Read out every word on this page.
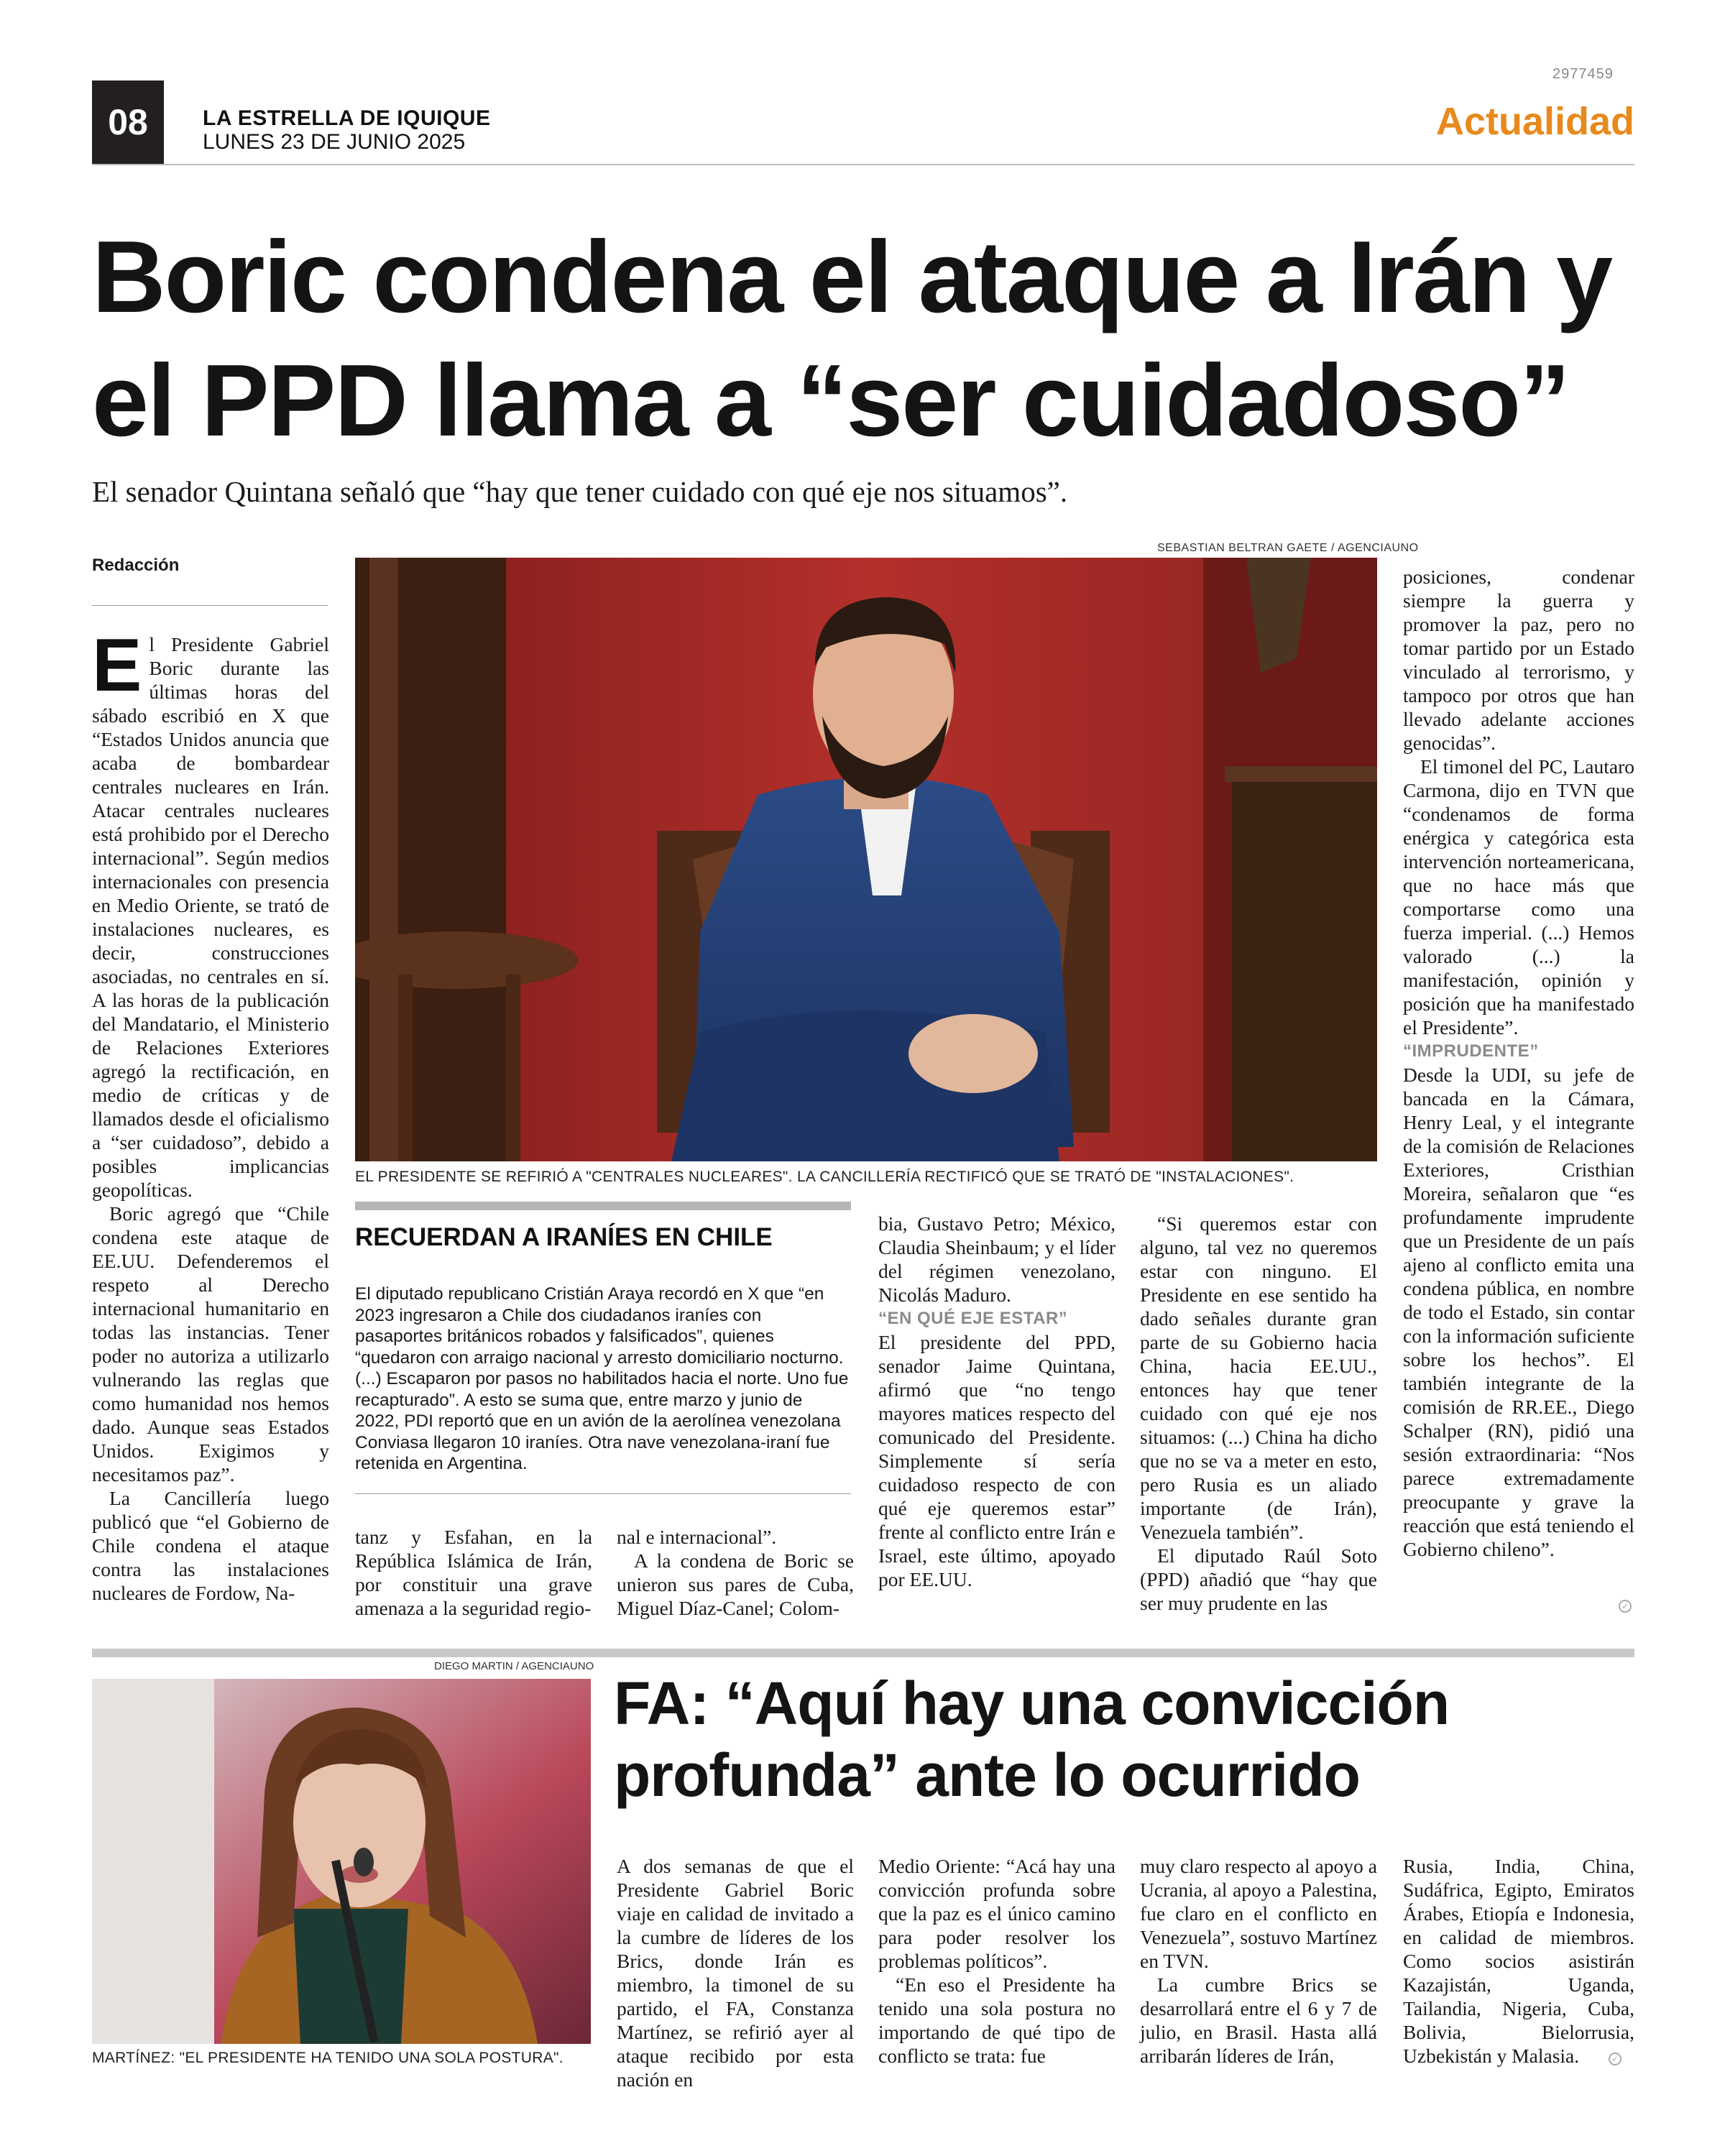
2977459
08	LA ESTRELLA DE IQUIQUE
LUNES 23 DE JUNIO 2025	Actualidad
Boric condena el ataque a Irán y
el PPD llama a “ser cuidadoso”

El senador Quintana señaló que “hay que tener cuidado con qué eje nos situamos”.

Redacción

El Presidente Gabriel Boric durante las últimas horas del sábado escribió en X que “Estados Unidos anuncia que acaba de bombardear centrales nucleares en Irán. Atacar centrales nucleares está prohibido por el Derecho internacional”. Según medios internacionales con presencia en Medio Oriente, se trató de instalaciones nucleares, es decir, construcciones asociadas, no centrales en sí. A las horas de la publicación del Mandatario, el Ministerio de Relaciones Exteriores agregó la rectificación, en medio de críticas y de llamados desde el oficialismo a “ser cuidadoso”, debido a posibles implicancias geopolíticas.

Boric agregó que “Chile condena este ataque de EE.UU. Defenderemos el respeto al Derecho internacional humanitario en todas las instancias. Tener poder no autoriza a utilizarlo vulnerando las reglas que como humanidad nos hemos dado. Aunque seas Estados Unidos. Exigimos y necesitamos paz”.

La Cancillería luego publicó que “el Gobierno de Chile condena el ataque contra las instalaciones nucleares de Fordow, Na-

SEBASTIAN BELTRAN GAETE / AGENCIAUNO
EL PRESIDENTE SE REFIRIÓ A "CENTRALES NUCLEARES". LA CANCILLERÍA RECTIFICÓ QUE SE TRATÓ DE "INSTALACIONES".
RECUERDAN A IRANÍES EN CHILE

El diputado republicano Cristián Araya recordó en X que “en 2023 ingresaron a Chile dos ciudadanos iraníes con pasaportes británicos robados y falsificados”, quienes “quedaron con arraigo nacional y arresto domiciliario nocturno. (...) Escaparon por pasos no habilitados hacia el norte. Uno fue recapturado”. A esto se suma que, entre marzo y junio de 2022, PDI reportó que en un avión de la aerolínea venezolana Conviasa llegaron 10 iraníes. Otra nave venezolana-iraní fue retenida en Argentina.

tanz y Esfahan, en la República Islámica de Irán, por constituir una grave amenaza a la seguridad regio-

nal e internacional”.

A la condena de Boric se unieron sus pares de Cuba, Miguel Díaz-Canel; Colom-

bia, Gustavo Petro; México, Claudia Sheinbaum; y el líder del régimen venezolano, Nicolás Maduro.

“EN QUÉ EJE ESTAR”

El presidente del PPD, senador Jaime Quintana, afirmó que “no tengo mayores matices respecto del comunicado del Presidente. Simplemente sí sería cuidadoso respecto de con qué eje queremos estar” frente al conflicto entre Irán e Israel, este último, apoyado por EE.UU.

“Si queremos estar con alguno, tal vez no queremos estar con ninguno. El Presidente en ese sentido ha dado señales durante gran parte de su Gobierno hacia China, hacia EE.UU., entonces hay que tener cuidado con qué eje nos situamos: (...) China ha dicho que no se va a meter en esto, pero Rusia es un aliado importante (de Irán), Venezuela también”.

El diputado Raúl Soto (PPD) añadió que “hay que ser muy prudente en las

posiciones, condenar siempre la guerra y promover la paz, pero no tomar partido por un Estado vinculado al terrorismo, y tampoco por otros que han llevado adelante acciones genocidas”.

El timonel del PC, Lautaro Carmona, dijo en TVN que “condenamos de forma enérgica y categórica esta intervención norteamericana, que no hace más que comportarse como una fuerza imperial. (...) Hemos valorado (...) la manifestación, opinión y posición que ha manifestado el Presidente”.

“IMPRUDENTE”

Desde la UDI, su jefe de bancada en la Cámara, Henry Leal, y el integrante de la comisión de Relaciones Exteriores, Cristhian Moreira, señalaron que “es profundamente imprudente que un Presidente de un país ajeno al conflicto emita una condena pública, en nombre de todo el Estado, sin contar con la información suficiente sobre los hechos”. El también integrante de la comisión de RR.EE., Diego Schalper (RN), pidió una sesión extraordinaria: “Nos parece extremadamente preocupante y grave la reacción que está teniendo el Gobierno chileno”.

✓
DIEGO MARTIN / AGENCIAUNO
MARTÍNEZ: "EL PRESIDENTE HA TENIDO UNA SOLA POSTURA".
FA: “Aquí hay una convicción
profunda” ante lo ocurrido

A dos semanas de que el Presidente Gabriel Boric viaje en calidad de invitado a la cumbre de líderes de los Brics, donde Irán es miembro, la timonel de su partido, el FA, Constanza Martínez, se refirió ayer al ataque recibido por esta nación en

Medio Oriente: “Acá hay una convicción profunda sobre que la paz es el único camino para poder resolver los problemas políticos”.

“En eso el Presidente ha tenido una sola postura no importando de qué tipo de conflicto se trata: fue

muy claro respecto al apoyo a Ucrania, al apoyo a Palestina, fue claro en el conflicto en Venezuela”, sostuvo Martínez en TVN.

La cumbre Brics se desarrollará entre el 6 y 7 de julio, en Brasil. Hasta allá arribarán líderes de Irán,

Rusia, India, China, Sudáfrica, Egipto, Emiratos Árabes, Etiopía e Indonesia, en calidad de miembros. Como socios asistirán Kazajistán, Uganda, Tailandia, Nigeria, Cuba, Bolivia, Bielorrusia, Uzbekistán y Malasia.	✓
